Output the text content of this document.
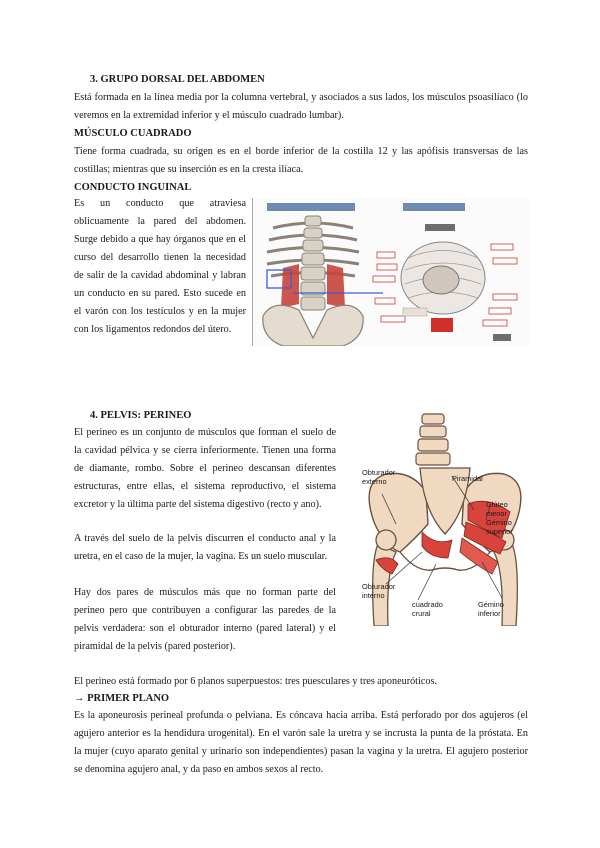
3. GRUPO DORSAL DEL ABDOMEN

Está formada en la línea media por la columna vertebral, y asociados a sus lados, los músculos psoasilíaco (lo veremos en la extremidad inferior y el músculo cuadrado lumbar).

MÚSCULO CUADRADO

Tiene forma cuadrada, su origen es en el borde inferior de la costilla 12 y las apófisis transversas de las costillas; mientras que su inserción es en la cresta ilíaca.

CONDUCTO INGUINAL

Es un conducto que atraviesa oblicuamente la pared del abdomen. Surge debido a que hay órganos que en el curso del desarrollo tienen la necesidad de salir de la cavidad abdominal y labran un conducto en su pared. Esto sucede en el varón con los testículos y en la mujer con los ligamentos redondos del útero.

4. PELVIS: PERINEO

El perineo es un conjunto de músculos que forman el suelo de la cavidad pélvica y se cierra inferiormente. Tienen una forma de diamante, rombo. Sobre el perineo descansan diferentes estructuras, entre ellas, el sistema reproductivo, el sistema excretor y la última parte del sistema digestivo (recto y ano).

A través del suelo de la pelvis discurren el conducto anal y la uretra, en el caso de la mujer, la vagina. Es un suelo muscular.

Hay dos pares de músculos más que no forman parte del perineo pero que contribuyen a configurar las paredes de la pelvis verdadera: son el obturador interno (pared lateral) y el piramidal de la pelvis (pared posterior).

Obturador externo	Piramidal
Glúteo menor
Gémino superior
Obturador interno
cuadrado crural
Gémino inferior

El perineo está formado por 6 planos superpuestos: tres puesculares y tres aponeuróticos.

→ PRIMER PLANO

Es la aponeurosis perineal profunda o pelviana. Es cóncava hacia arriba. Está perforado por dos agujeros (el agujero anterior es la hendidura urogenital). En el varón sale la uretra y se incrusta la punta de la próstata. En la mujer (cuyo aparato genital y urinario son independientes) pasan la vagina y la uretra. El agujero posterior se denomina agujero anal, y da paso en ambos sexos al recto.
